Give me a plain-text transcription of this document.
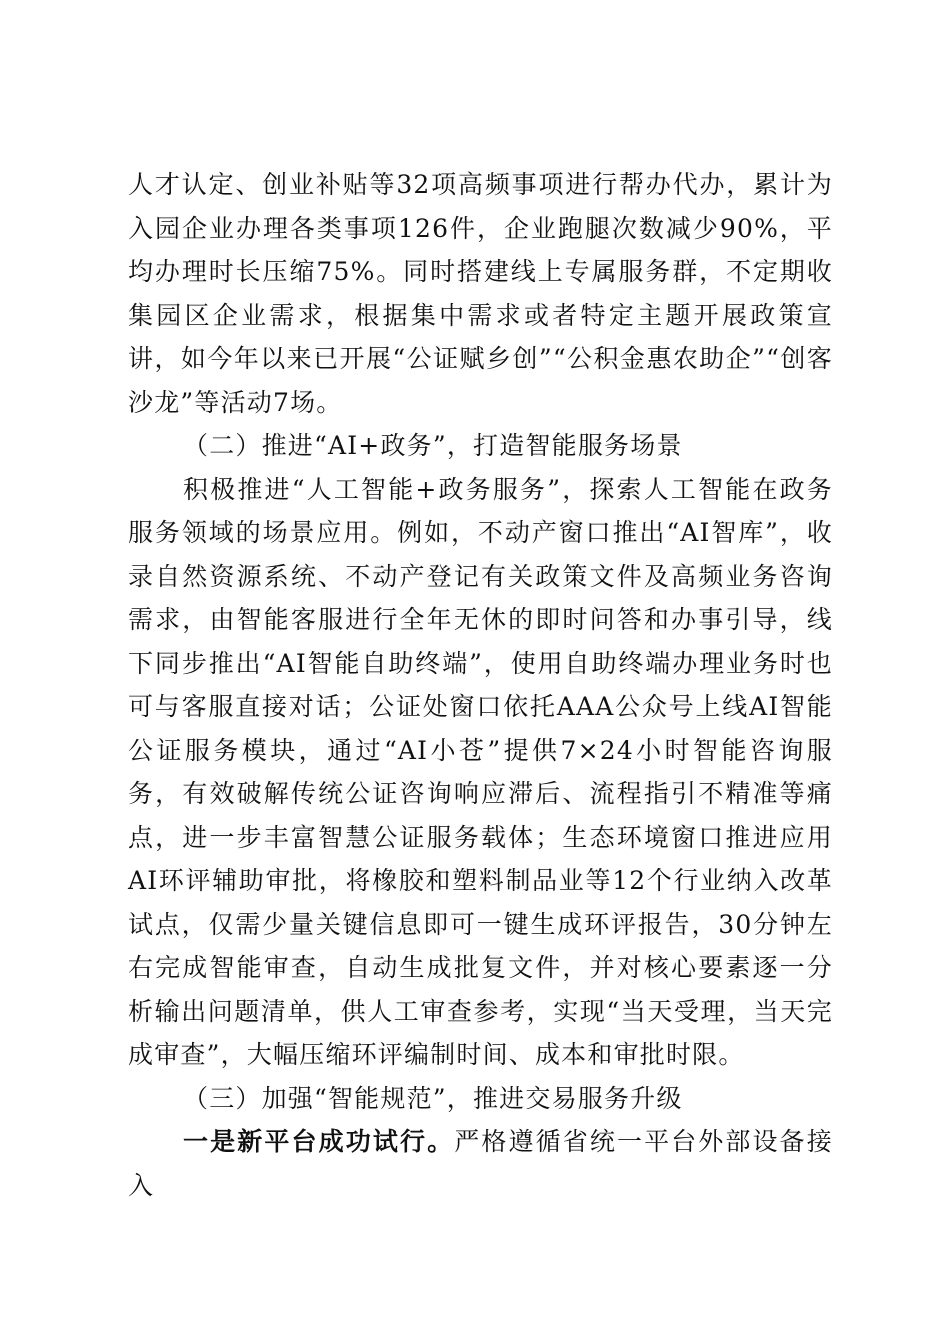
人才认定、创业补贴等32项高频事项进行帮办代办，累计为入园企业办理各类事项126件，企业跑腿次数减少90%，平均办理时长压缩75%。同时搭建线上专属服务群，不定期收集园区企业需求，根据集中需求或者特定主题开展政策宣讲，如今年以来已开展“公证赋乡创”“公积金惠农助企”“创客沙龙”等活动7场。

（二）推进“AI+政务”，打造智能服务场景

积极推进“人工智能+政务服务”，探索人工智能在政务服务领域的场景应用。例如，不动产窗口推出“AI智库”，收录自然资源系统、不动产登记有关政策文件及高频业务咨询需求，由智能客服进行全年无休的即时问答和办事引导，线下同步推出“AI智能自助终端”，使用自助终端办理业务时也可与客服直接对话；公证处窗口依托AAA公众号上线AI智能公证服务模块，通过“AI小苍”提供7×24小时智能咨询服务，有效破解传统公证咨询响应滞后、流程指引不精准等痛点，进一步丰富智慧公证服务载体；生态环境窗口推进应用AI环评辅助审批，将橡胶和塑料制品业等12个行业纳入改革试点，仅需少量关键信息即可一键生成环评报告，30分钟左右完成智能审查，自动生成批复文件，并对核心要素逐一分析输出问题清单，供人工审查参考，实现“当天受理，当天完成审查”，大幅压缩环评编制时间、成本和审批时限。

（三）加强“智能规范”，推进交易服务升级

一是新平台成功试行。严格遵循省统一平台外部设备接入
